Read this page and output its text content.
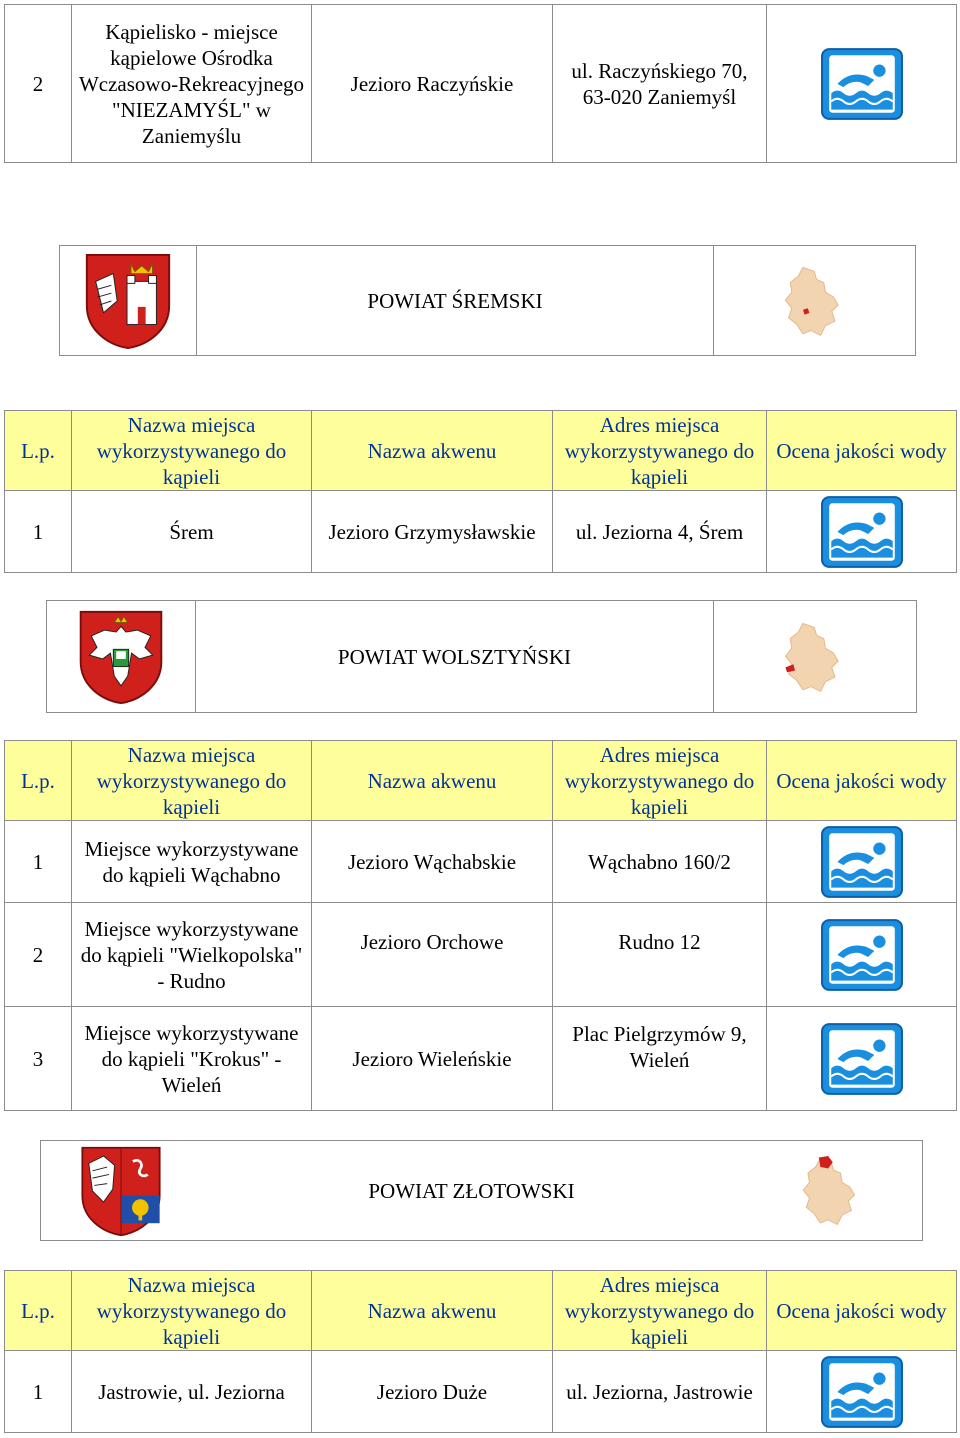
2	Kąpielisko - miejsce kąpielowe Ośrodka Wczasowo-Rekreacyjnego "NIEZAMYŚL" w Zaniemyślu	Jezioro Raczyńskie	ul. Raczyńskiego 70, 63-020 Zaniemyśl	
POWIAT ŚREMSKI
L.p.	Nazwa miejsca wykorzystywanego do kąpieli	Nazwa akwenu	Adres miejsca wykorzystywanego do kąpieli	Ocena jakości wody
1	Śrem	Jezioro Grzymysławskie	ul. Jeziorna 4, Śrem	
POWIAT WOLSZTYŃSKI
L.p.	Nazwa miejsca wykorzystywanego do kąpieli	Nazwa akwenu	Adres miejsca wykorzystywanego do kąpieli	Ocena jakości wody
1	Miejsce wykorzystywane do kąpieli Wąchabno	Jezioro Wąchabskie	Wąchabno 160/2	

2	Miejsce wykorzystywane do kąpieli "Wielkopolska" - Rudno	Jezioro Orchowe	Rudno 12	

3	Miejsce wykorzystywane do kąpieli "Krokus" - Wieleń	Jezioro Wieleńskie	Plac Pielgrzymów 9, Wieleń	
POWIAT ZŁOTOWSKI
L.p.	Nazwa miejsca wykorzystywanego do kąpieli	Nazwa akwenu	Adres miejsca wykorzystywanego do kąpieli	Ocena jakości wody
1	Jastrowie, ul. Jeziorna	Jezioro Duże	ul. Jeziorna, Jastrowie	
